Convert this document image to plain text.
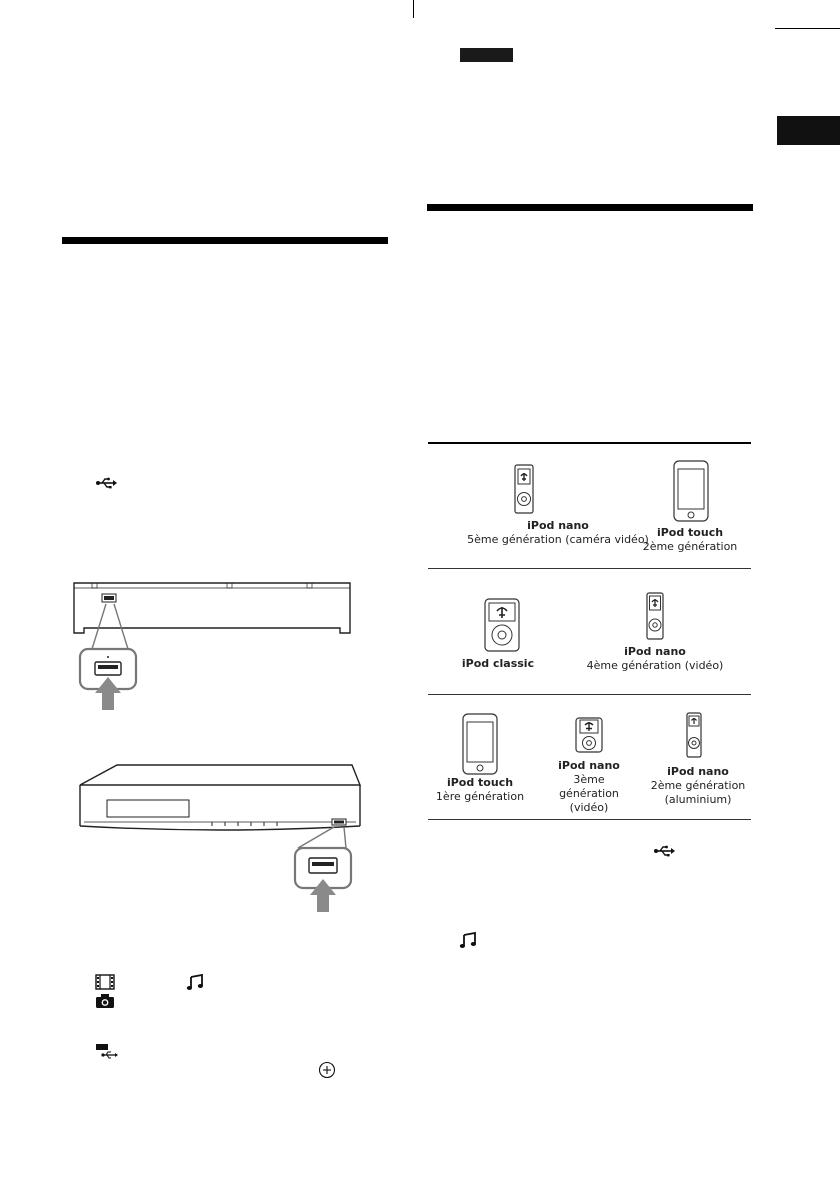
iPod nano
5ème génération (caméra vidéo)
iPod touch
2ème génération
iPod classic
iPod nano
4ème génération (vidéo)
iPod touch
1ère génération
iPod nano
3ème génération (vidéo)
iPod nano
2ème génération (aluminium)
